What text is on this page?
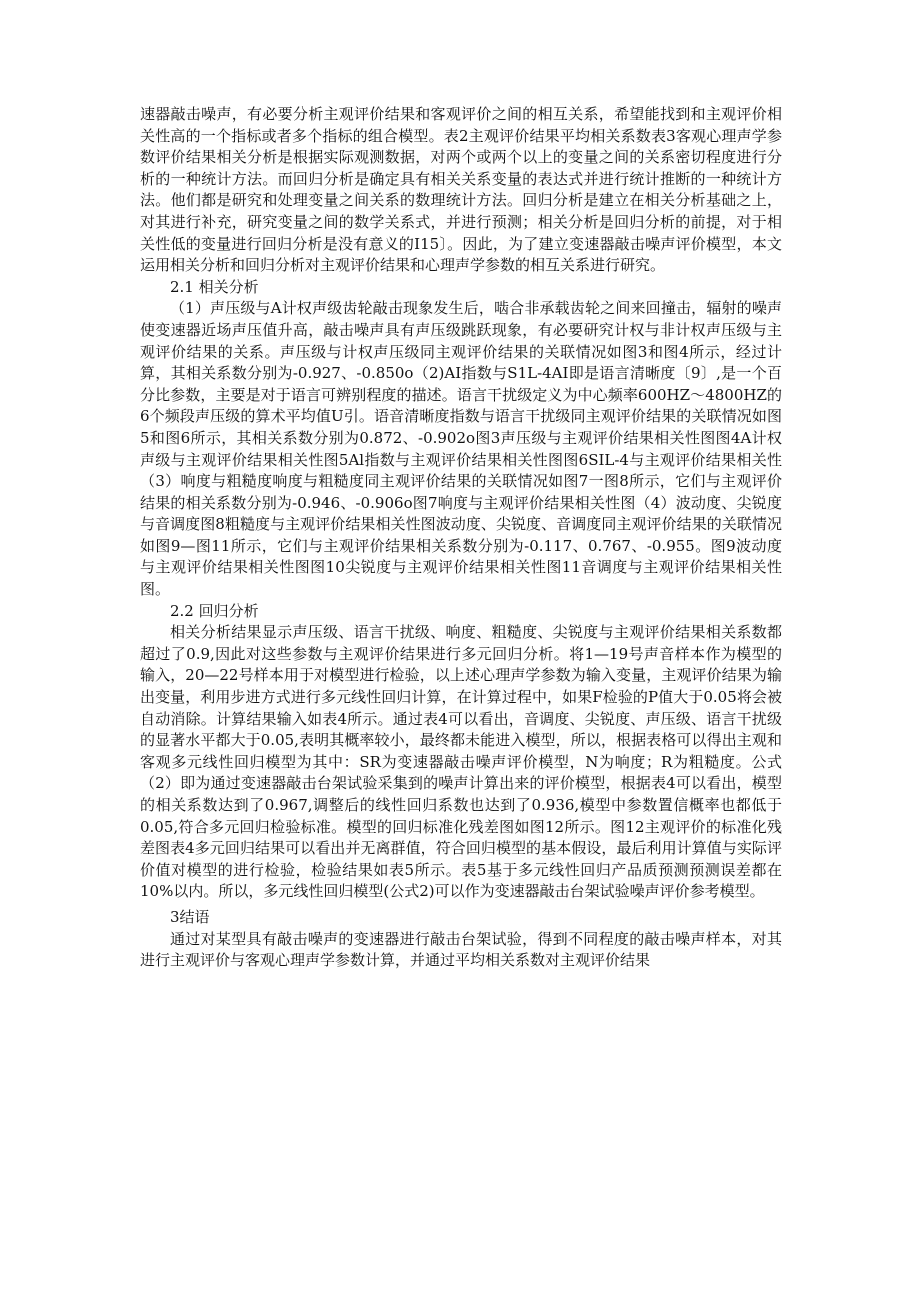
速器敲击噪声，有必要分析主观评价结果和客观评价之间的相互关系，希望能找到和主观评价相关性高的一个指标或者多个指标的组合模型。表2主观评价结果平均相关系数表3客观心理声学参数评价结果相关分析是根据实际观测数据，对两个或两个以上的变量之间的关系密切程度进行分析的一种统计方法。而回归分析是确定具有相关关系变量的表达式并进行统计推断的一种统计方法。他们都是研究和处理变量之间关系的数理统计方法。回归分析是建立在相关分析基础之上，对其进行补充，研究变量之间的数学关系式，并进行预测；相关分析是回归分析的前提，对于相关性低的变量进行回归分析是没有意义的I15〕。因此，为了建立变速器敲击噪声评价模型，本文运用相关分析和回归分析对主观评价结果和心理声学参数的相互关系进行研究。

2.1 相关分析

（1）声压级与A计权声级齿轮敲击现象发生后，啮合非承载齿轮之间来回撞击，辐射的噪声使变速器近场声压值升高，敲击噪声具有声压级跳跃现象，有必要研究计权与非计权声压级与主观评价结果的关系。声压级与计权声压级同主观评价结果的关联情况如图3和图4所示，经过计算，其相关系数分别为-0.927、-0.850o（2)AI指数与S1L-4AI即是语言清晰度〔9〕,是一个百分比参数，主要是对于语言可辨别程度的描述。语言干扰级定义为中心频率600HZ～4800HZ的6个频段声压级的算术平均值U引。语音清晰度指数与语言干扰级同主观评价结果的关联情况如图5和图6所示，其相关系数分别为0.872、-0.902o图3声压级与主观评价结果相关性图图4A计权声级与主观评价结果相关性图5Al指数与主观评价结果相关性图图6SIL-4与主观评价结果相关性（3）响度与粗糙度响度与粗糙度同主观评价结果的关联情况如图7一图8所示，它们与主观评价结果的相关系数分别为-0.946、-0.906o图7响度与主观评价结果相关性图（4）波动度、尖锐度与音调度图8粗糙度与主观评价结果相关性图波动度、尖锐度、音调度同主观评价结果的关联情况如图9—图11所示，它们与主观评价结果相关系数分别为-0.117、0.767、-0.955。图9波动度与主观评价结果相关性图图10尖锐度与主观评价结果相关性图11音调度与主观评价结果相关性图。

2.2 回归分析

相关分析结果显示声压级、语言干扰级、响度、粗糙度、尖锐度与主观评价结果相关系数都超过了0.9,因此对这些参数与主观评价结果进行多元回归分析。将1—19号声音样本作为模型的输入，20—22号样本用于对模型进行检验，以上述心理声学参数为输入变量，主观评价结果为输出变量，利用步进方式进行多元线性回归计算，在计算过程中，如果F检验的P值大于0.05将会被自动消除。计算结果输入如表4所示。通过表4可以看出，音调度、尖锐度、声压级、语言干扰级的显著水平都大于0.05,表明其概率较小，最终都未能进入模型，所以，根据表格可以得出主观和客观多元线性回归模型为其中：SR为变速器敲击噪声评价模型，N为响度；R为粗糙度。公式（2）即为通过变速器敲击台架试验采集到的噪声计算出来的评价模型，根据表4可以看出，模型的相关系数达到了0.967,调整后的线性回归系数也达到了0.936,模型中参数置信概率也都低于0.05,符合多元回归检验标准。模型的回归标准化残差图如图12所示。图12主观评价的标准化残差图表4多元回归结果可以看出并无离群值，符合回归模型的基本假设，最后利用计算值与实际评价值对模型的进行检验，检验结果如表5所示。表5基于多元线性回归产品质预测预测误差都在10%以内。所以，多元线性回归模型(公式2)可以作为变速器敲击台架试验噪声评价参考模型。

3结语

通过对某型具有敲击噪声的变速器进行敲击台架试验，得到不同程度的敲击噪声样本，对其进行主观评价与客观心理声学参数计算，并通过平均相关系数对主观评价结果
